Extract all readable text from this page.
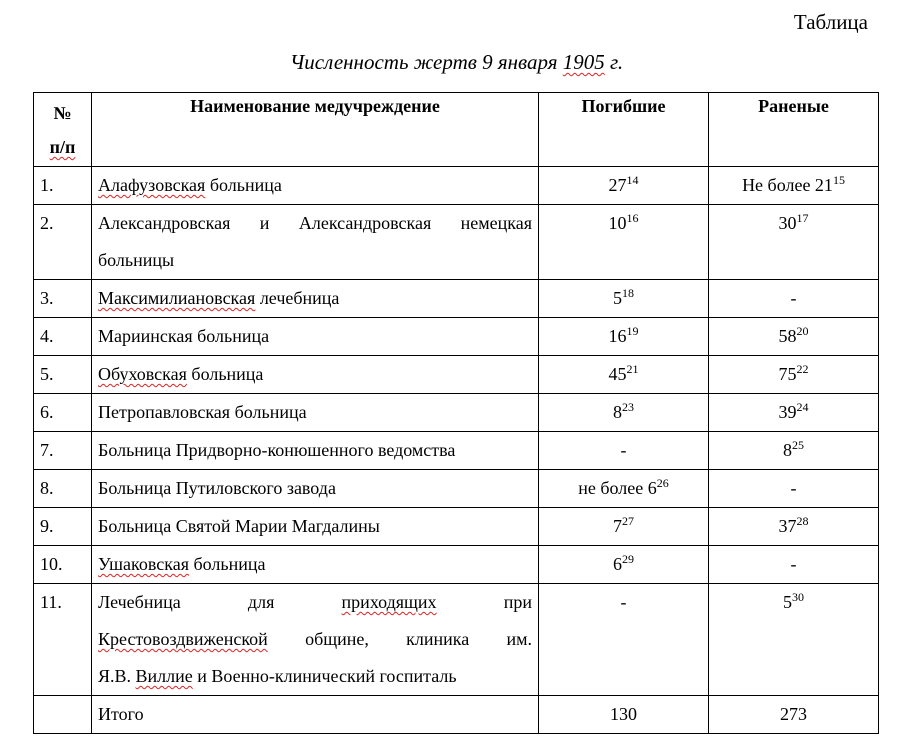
Таблица
Численность жертв 9 января 1905 г.
№
п/п	Наименование медучреждение	Погибшие	Раненые

1.	Алафузовская больница	$27^{14}$	Не более $21^{15}$

2.	Александровская и Александровская немецкая
больницы	$10^{16}$	$30^{17}$

3.	Максимилиановская лечебница	$5^{18}$	-

4.	Мариинская больница	$16^{19}$	$58^{20}$

5.	Обуховская больница	$45^{21}$	$75^{22}$

6.	Петропавловская больница	$8^{23}$	$39^{24}$

7.	Больница Придворно-конюшенного ведомства	-	$8^{25}$

8.	Больница Путиловского завода	не более $6^{26}$	-

9.	Больница Святой Марии Магдалины	$7^{27}$	$37^{28}$

10.	Ушаковская больница	$6^{29}$	-

11.	Лечебница для приходящих при
Крестовоздвиженской общине, клиника им.
Я.В. Виллие и Военно-клинический госпиталь	-	$5^{30}$

	Итого	130	273
